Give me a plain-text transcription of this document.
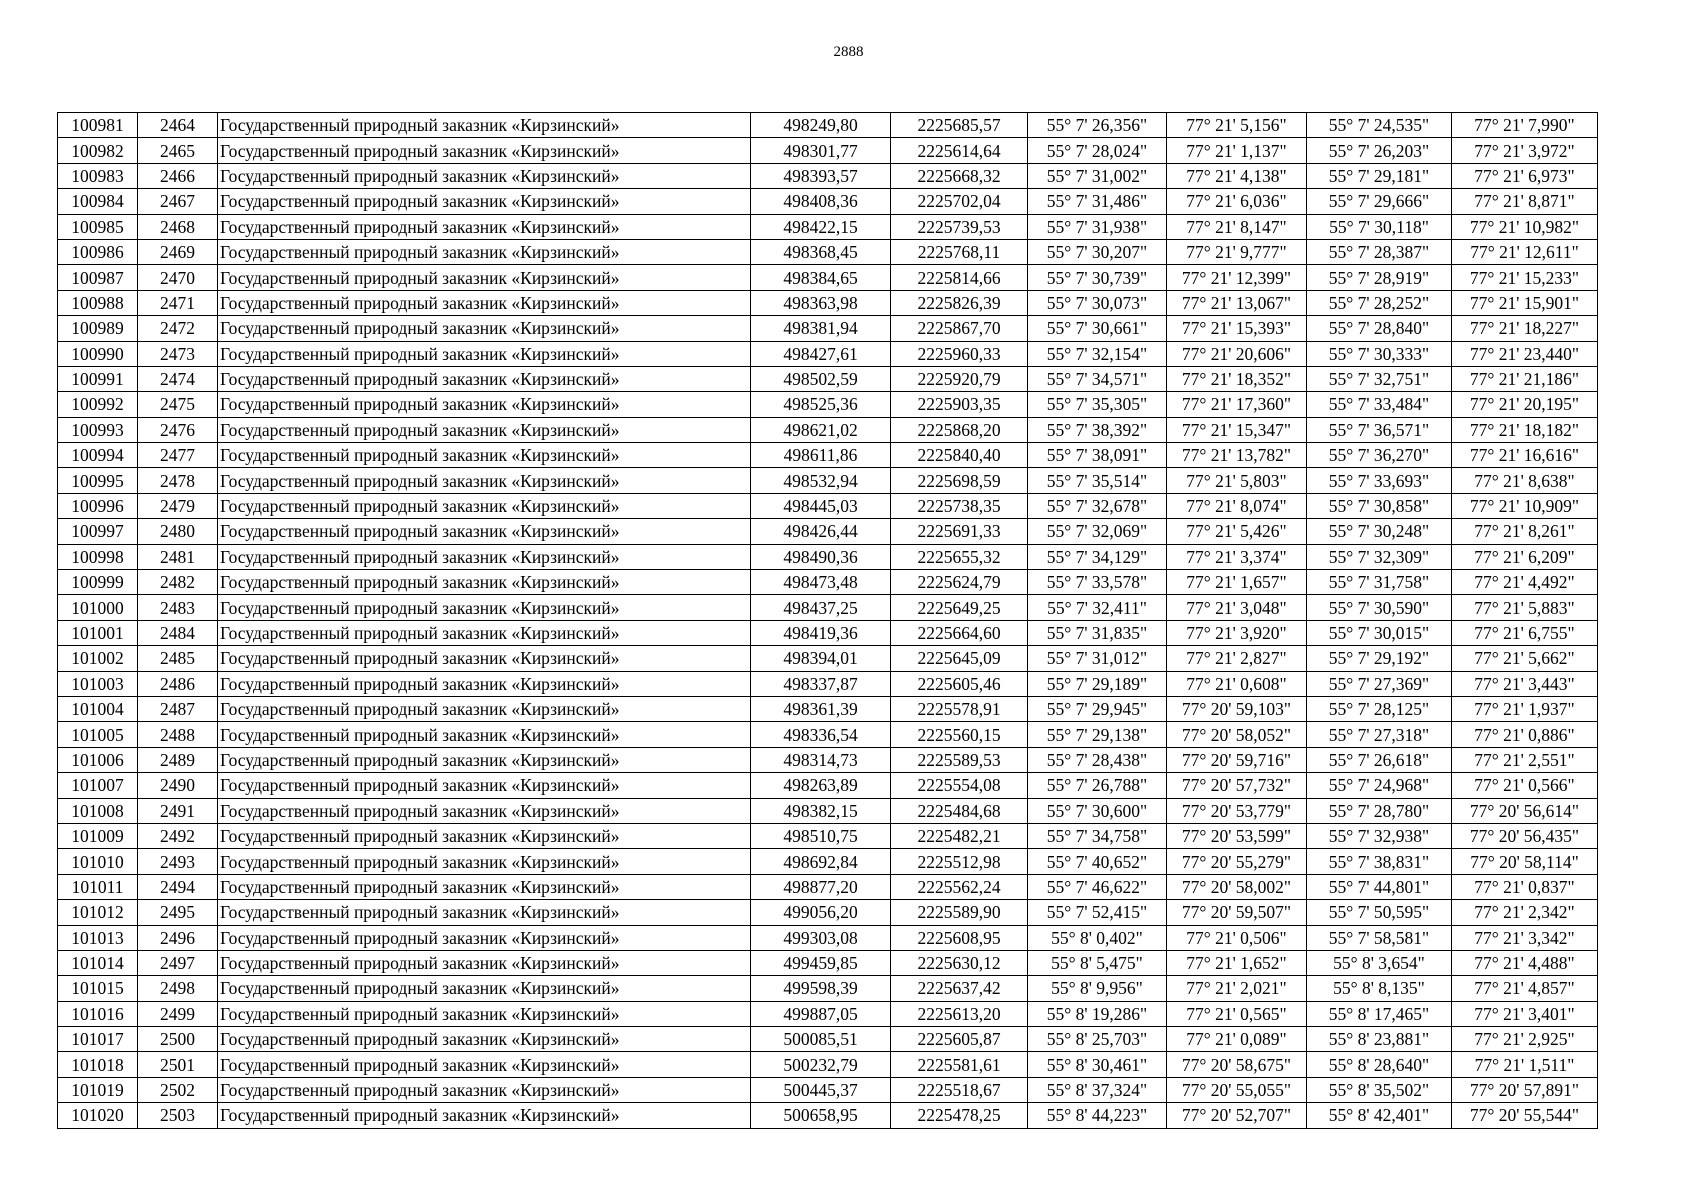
2888
100981	2464	Государственный природный заказник «Кирзинский»	498249,80	2225685,57	55° 7' 26,356"	77° 21' 5,156"	55° 7' 24,535"	77° 21' 7,990"
100982	2465	Государственный природный заказник «Кирзинский»	498301,77	2225614,64	55° 7' 28,024"	77° 21' 1,137"	55° 7' 26,203"	77° 21' 3,972"
100983	2466	Государственный природный заказник «Кирзинский»	498393,57	2225668,32	55° 7' 31,002"	77° 21' 4,138"	55° 7' 29,181"	77° 21' 6,973"
100984	2467	Государственный природный заказник «Кирзинский»	498408,36	2225702,04	55° 7' 31,486"	77° 21' 6,036"	55° 7' 29,666"	77° 21' 8,871"
100985	2468	Государственный природный заказник «Кирзинский»	498422,15	2225739,53	55° 7' 31,938"	77° 21' 8,147"	55° 7' 30,118"	77° 21' 10,982"
100986	2469	Государственный природный заказник «Кирзинский»	498368,45	2225768,11	55° 7' 30,207"	77° 21' 9,777"	55° 7' 28,387"	77° 21' 12,611"
100987	2470	Государственный природный заказник «Кирзинский»	498384,65	2225814,66	55° 7' 30,739"	77° 21' 12,399"	55° 7' 28,919"	77° 21' 15,233"
100988	2471	Государственный природный заказник «Кирзинский»	498363,98	2225826,39	55° 7' 30,073"	77° 21' 13,067"	55° 7' 28,252"	77° 21' 15,901"
100989	2472	Государственный природный заказник «Кирзинский»	498381,94	2225867,70	55° 7' 30,661"	77° 21' 15,393"	55° 7' 28,840"	77° 21' 18,227"
100990	2473	Государственный природный заказник «Кирзинский»	498427,61	2225960,33	55° 7' 32,154"	77° 21' 20,606"	55° 7' 30,333"	77° 21' 23,440"
100991	2474	Государственный природный заказник «Кирзинский»	498502,59	2225920,79	55° 7' 34,571"	77° 21' 18,352"	55° 7' 32,751"	77° 21' 21,186"
100992	2475	Государственный природный заказник «Кирзинский»	498525,36	2225903,35	55° 7' 35,305"	77° 21' 17,360"	55° 7' 33,484"	77° 21' 20,195"
100993	2476	Государственный природный заказник «Кирзинский»	498621,02	2225868,20	55° 7' 38,392"	77° 21' 15,347"	55° 7' 36,571"	77° 21' 18,182"
100994	2477	Государственный природный заказник «Кирзинский»	498611,86	2225840,40	55° 7' 38,091"	77° 21' 13,782"	55° 7' 36,270"	77° 21' 16,616"
100995	2478	Государственный природный заказник «Кирзинский»	498532,94	2225698,59	55° 7' 35,514"	77° 21' 5,803"	55° 7' 33,693"	77° 21' 8,638"
100996	2479	Государственный природный заказник «Кирзинский»	498445,03	2225738,35	55° 7' 32,678"	77° 21' 8,074"	55° 7' 30,858"	77° 21' 10,909"
100997	2480	Государственный природный заказник «Кирзинский»	498426,44	2225691,33	55° 7' 32,069"	77° 21' 5,426"	55° 7' 30,248"	77° 21' 8,261"
100998	2481	Государственный природный заказник «Кирзинский»	498490,36	2225655,32	55° 7' 34,129"	77° 21' 3,374"	55° 7' 32,309"	77° 21' 6,209"
100999	2482	Государственный природный заказник «Кирзинский»	498473,48	2225624,79	55° 7' 33,578"	77° 21' 1,657"	55° 7' 31,758"	77° 21' 4,492"
101000	2483	Государственный природный заказник «Кирзинский»	498437,25	2225649,25	55° 7' 32,411"	77° 21' 3,048"	55° 7' 30,590"	77° 21' 5,883"
101001	2484	Государственный природный заказник «Кирзинский»	498419,36	2225664,60	55° 7' 31,835"	77° 21' 3,920"	55° 7' 30,015"	77° 21' 6,755"
101002	2485	Государственный природный заказник «Кирзинский»	498394,01	2225645,09	55° 7' 31,012"	77° 21' 2,827"	55° 7' 29,192"	77° 21' 5,662"
101003	2486	Государственный природный заказник «Кирзинский»	498337,87	2225605,46	55° 7' 29,189"	77° 21' 0,608"	55° 7' 27,369"	77° 21' 3,443"
101004	2487	Государственный природный заказник «Кирзинский»	498361,39	2225578,91	55° 7' 29,945"	77° 20' 59,103"	55° 7' 28,125"	77° 21' 1,937"
101005	2488	Государственный природный заказник «Кирзинский»	498336,54	2225560,15	55° 7' 29,138"	77° 20' 58,052"	55° 7' 27,318"	77° 21' 0,886"
101006	2489	Государственный природный заказник «Кирзинский»	498314,73	2225589,53	55° 7' 28,438"	77° 20' 59,716"	55° 7' 26,618"	77° 21' 2,551"
101007	2490	Государственный природный заказник «Кирзинский»	498263,89	2225554,08	55° 7' 26,788"	77° 20' 57,732"	55° 7' 24,968"	77° 21' 0,566"
101008	2491	Государственный природный заказник «Кирзинский»	498382,15	2225484,68	55° 7' 30,600"	77° 20' 53,779"	55° 7' 28,780"	77° 20' 56,614"
101009	2492	Государственный природный заказник «Кирзинский»	498510,75	2225482,21	55° 7' 34,758"	77° 20' 53,599"	55° 7' 32,938"	77° 20' 56,435"
101010	2493	Государственный природный заказник «Кирзинский»	498692,84	2225512,98	55° 7' 40,652"	77° 20' 55,279"	55° 7' 38,831"	77° 20' 58,114"
101011	2494	Государственный природный заказник «Кирзинский»	498877,20	2225562,24	55° 7' 46,622"	77° 20' 58,002"	55° 7' 44,801"	77° 21' 0,837"
101012	2495	Государственный природный заказник «Кирзинский»	499056,20	2225589,90	55° 7' 52,415"	77° 20' 59,507"	55° 7' 50,595"	77° 21' 2,342"
101013	2496	Государственный природный заказник «Кирзинский»	499303,08	2225608,95	55° 8' 0,402"	77° 21' 0,506"	55° 7' 58,581"	77° 21' 3,342"
101014	2497	Государственный природный заказник «Кирзинский»	499459,85	2225630,12	55° 8' 5,475"	77° 21' 1,652"	55° 8' 3,654"	77° 21' 4,488"
101015	2498	Государственный природный заказник «Кирзинский»	499598,39	2225637,42	55° 8' 9,956"	77° 21' 2,021"	55° 8' 8,135"	77° 21' 4,857"
101016	2499	Государственный природный заказник «Кирзинский»	499887,05	2225613,20	55° 8' 19,286"	77° 21' 0,565"	55° 8' 17,465"	77° 21' 3,401"
101017	2500	Государственный природный заказник «Кирзинский»	500085,51	2225605,87	55° 8' 25,703"	77° 21' 0,089"	55° 8' 23,881"	77° 21' 2,925"
101018	2501	Государственный природный заказник «Кирзинский»	500232,79	2225581,61	55° 8' 30,461"	77° 20' 58,675"	55° 8' 28,640"	77° 21' 1,511"
101019	2502	Государственный природный заказник «Кирзинский»	500445,37	2225518,67	55° 8' 37,324"	77° 20' 55,055"	55° 8' 35,502"	77° 20' 57,891"
101020	2503	Государственный природный заказник «Кирзинский»	500658,95	2225478,25	55° 8' 44,223"	77° 20' 52,707"	55° 8' 42,401"	77° 20' 55,544"
